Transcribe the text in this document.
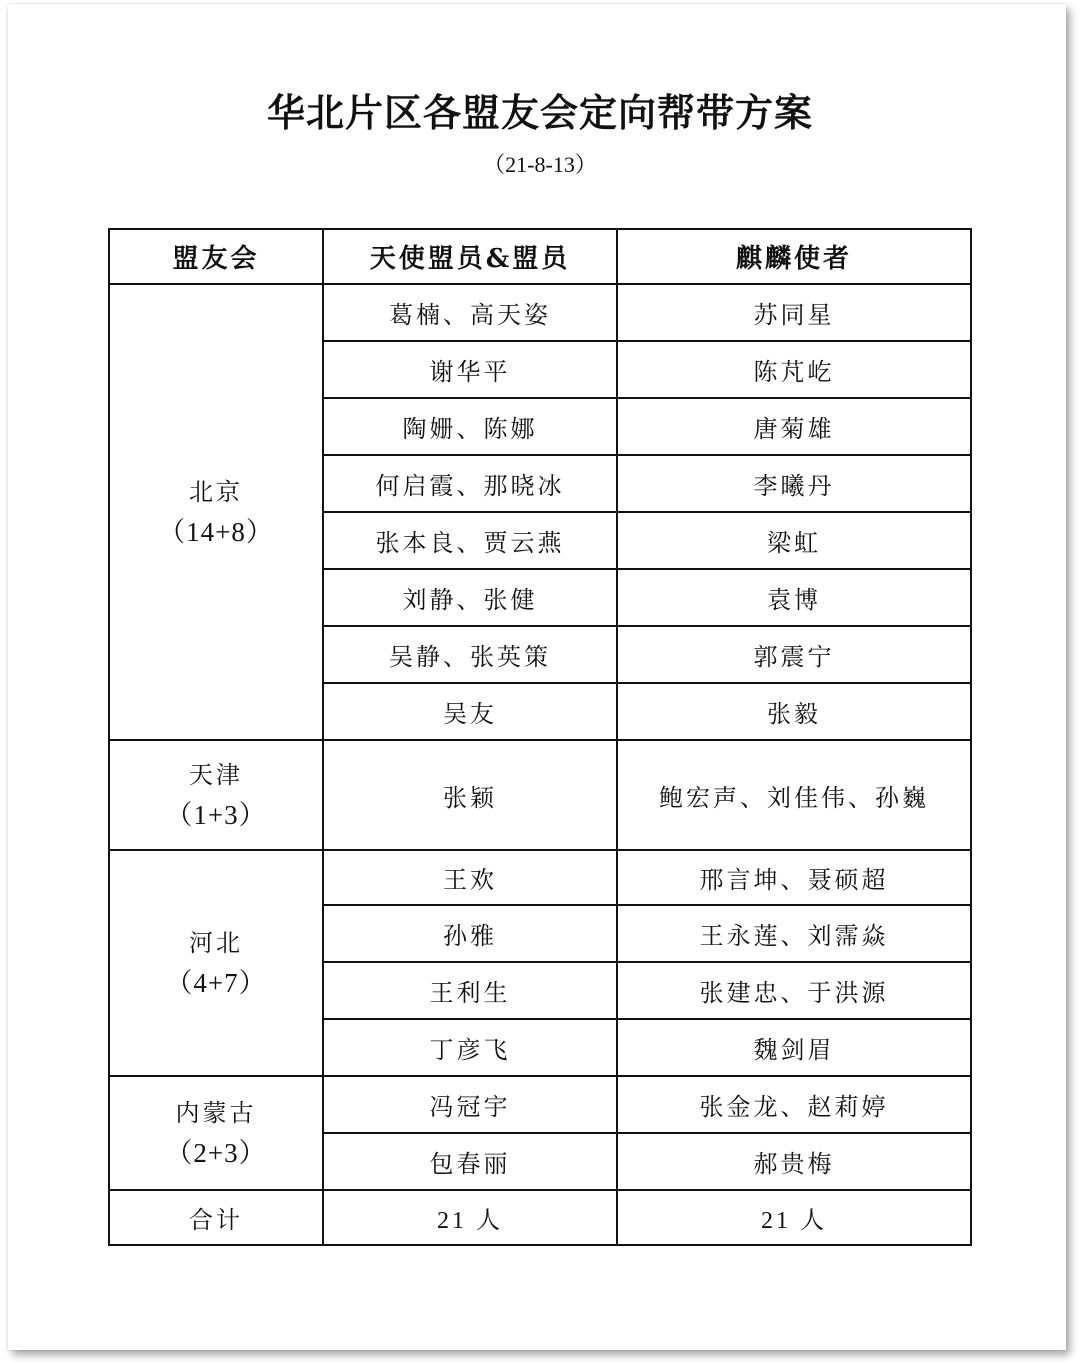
华北片区各盟友会定向帮带方案
（21-8-13）
盟友会	天使盟员&盟员	麒麟使者
北京
（14+8）	葛楠、高天姿	苏同星
	谢华平	陈芃屹
	陶姗、陈娜	唐菊雄
	何启霞、那晓冰	李曦丹
	张本良、贾云燕	梁虹
	刘静、张健	袁博
	吴静、张英策	郭震宁
	吴友	张毅
天津
（1+3）	张颖	鲍宏声、刘佳伟、孙巍
河北
（4+7）	王欢	邢言坤、聂硕超
	孙雅	王永莲、刘霈焱
	王利生	张建忠、于洪源
	丁彦飞	魏剑眉
内蒙古
（2+3）	冯冠宇	张金龙、赵莉婷
	包春丽	郝贵梅
合计	21 人	21 人
